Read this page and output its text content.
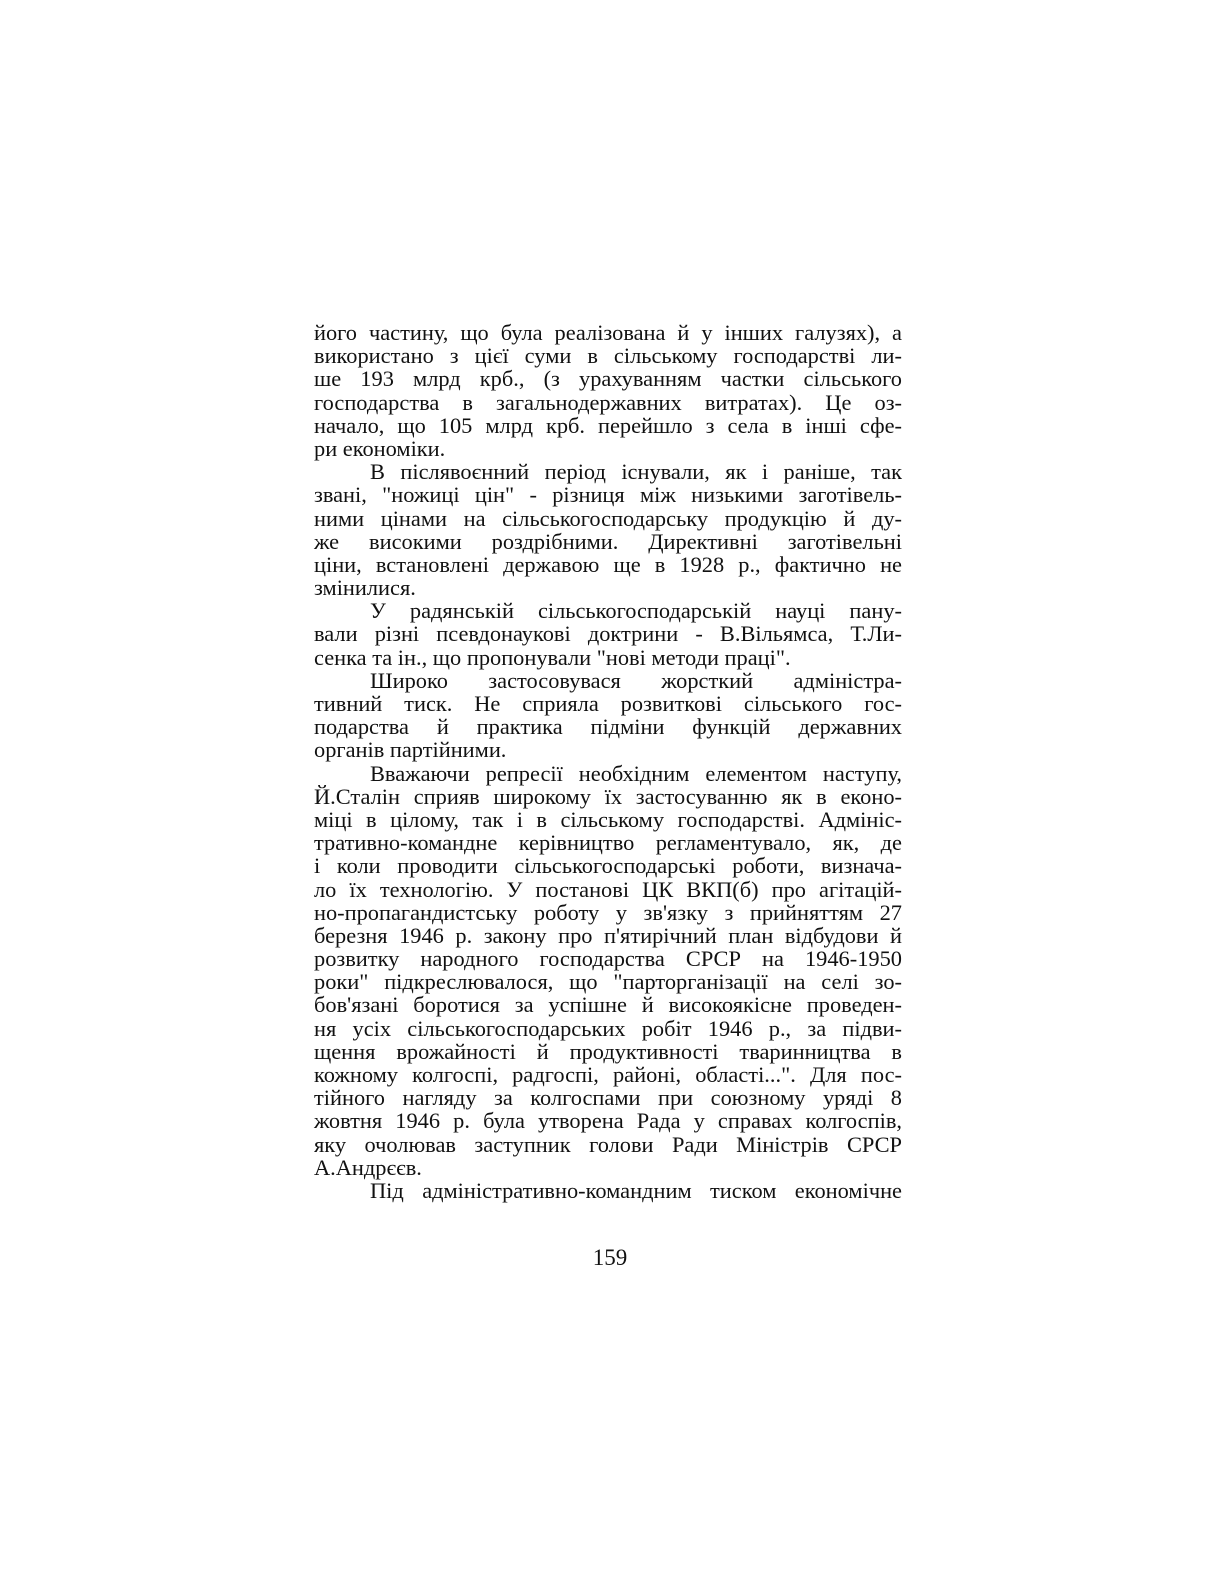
його частину, що була реалізована й у інших галузях), а
використано з цієї суми в сільському господарстві ли-
ше 193 млрд крб., (з урахуванням частки сільського
господарства в загальнодержавних витратах). Це оз-
начало, що 105 млрд крб. перейшло з села в інші сфе-
ри економіки.
В післявоєнний період існували, як і раніше, так
звані, "ножиці цін" - різниця між низькими заготівель-
ними цінами на сільськогосподарську продукцію й ду-
же високими роздрібними. Директивні заготівельні
ціни, встановлені державою ще в 1928 р., фактично не
змінилися.
У радянській сільськогосподарській науці пану-
вали різні псевдонаукові доктрини - В.Вільямса, Т.Ли-
сенка та ін., що пропонували "нові методи праці".
Широко застосовувася жорсткий адміністра-
тивний тиск. Не сприяла розвиткові сільського гос-
подарства й практика підміни функцій державних
органів партійними.
Вважаючи репресії необхідним елементом наступу,
Й.Сталін сприяв широкому їх застосуванню як в еконо-
міці в цілому, так і в сільському господарстві. Адмініс-
тративно-командне керівництво регламентувало, як, де
і коли проводити сільськогосподарські роботи, визнача-
ло їх технологію. У постанові ЦК ВКП(б) про агітацій-
но-пропагандистську роботу у зв'язку з прийняттям 27
березня 1946 р. закону про п'ятирічний план відбудови й
розвитку народного господарства СРСР на 1946-1950
роки" підкреслювалося, що "парторганізації на селі зо-
бов'язані боротися за успішне й високоякісне проведен-
ня усіх сільськогосподарських робіт 1946 р., за підви-
щення врожайності й продуктивності тваринництва в
кожному колгоспі, радгоспі, районі, області...". Для пос-
тійного нагляду за колгоспами при союзному уряді 8
жовтня 1946 р. була утворена Рада у справах колгоспів,
яку очолював заступник голови Ради Міністрів СРСР
А.Андрєєв.
Під адміністративно-командним тиском економічне
159
